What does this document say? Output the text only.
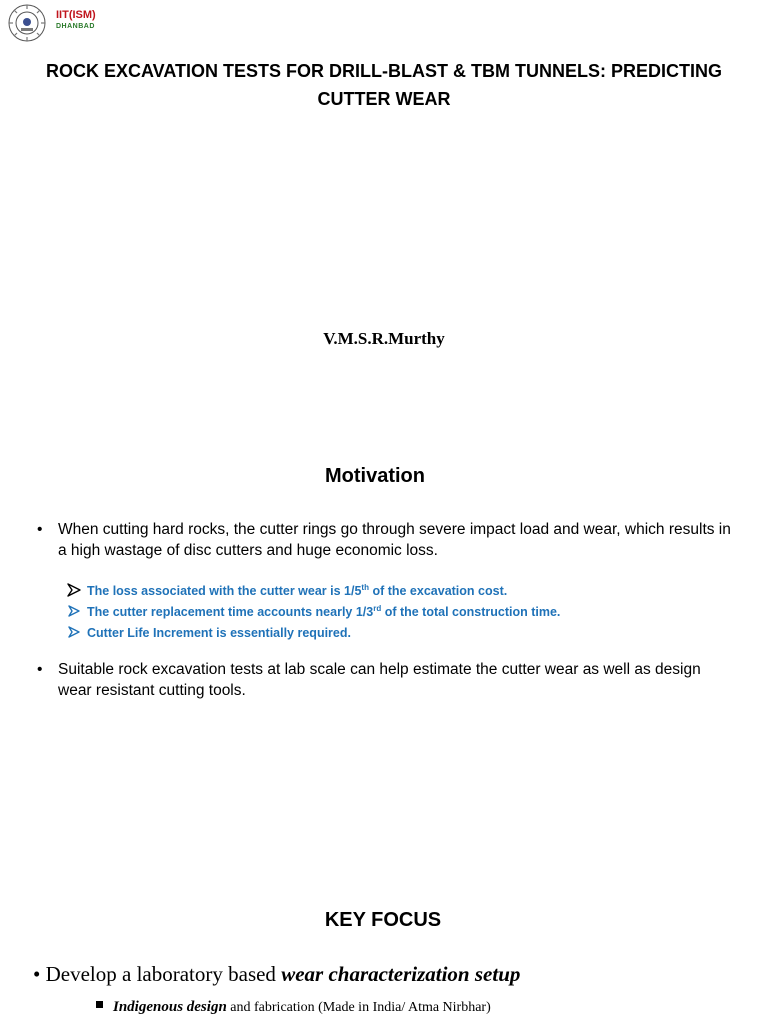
IIT(ISM)
DHANBAD
ROCK EXCAVATION TESTS FOR DRILL-BLAST & TBM TUNNELS: PREDICTING
CUTTER WEAR
V.M.S.R.Murthy
Motivation
• When cutting hard rocks, the cutter rings go through severe impact load and wear, which results in a high wastage of disc cutters and huge economic loss.
The loss associated with the cutter wear is 1/5th of the excavation cost.
The cutter replacement time accounts nearly 1/3rd of the total construction time.
Cutter Life Increment is essentially required.
• Suitable rock excavation tests at lab scale can help estimate the cutter wear as well as design wear resistant cutting tools.
KEY FOCUS
• Develop a laboratory based wear characterization setup
Indigenous design and fabrication (Made in India/ Atma Nirbhar)
